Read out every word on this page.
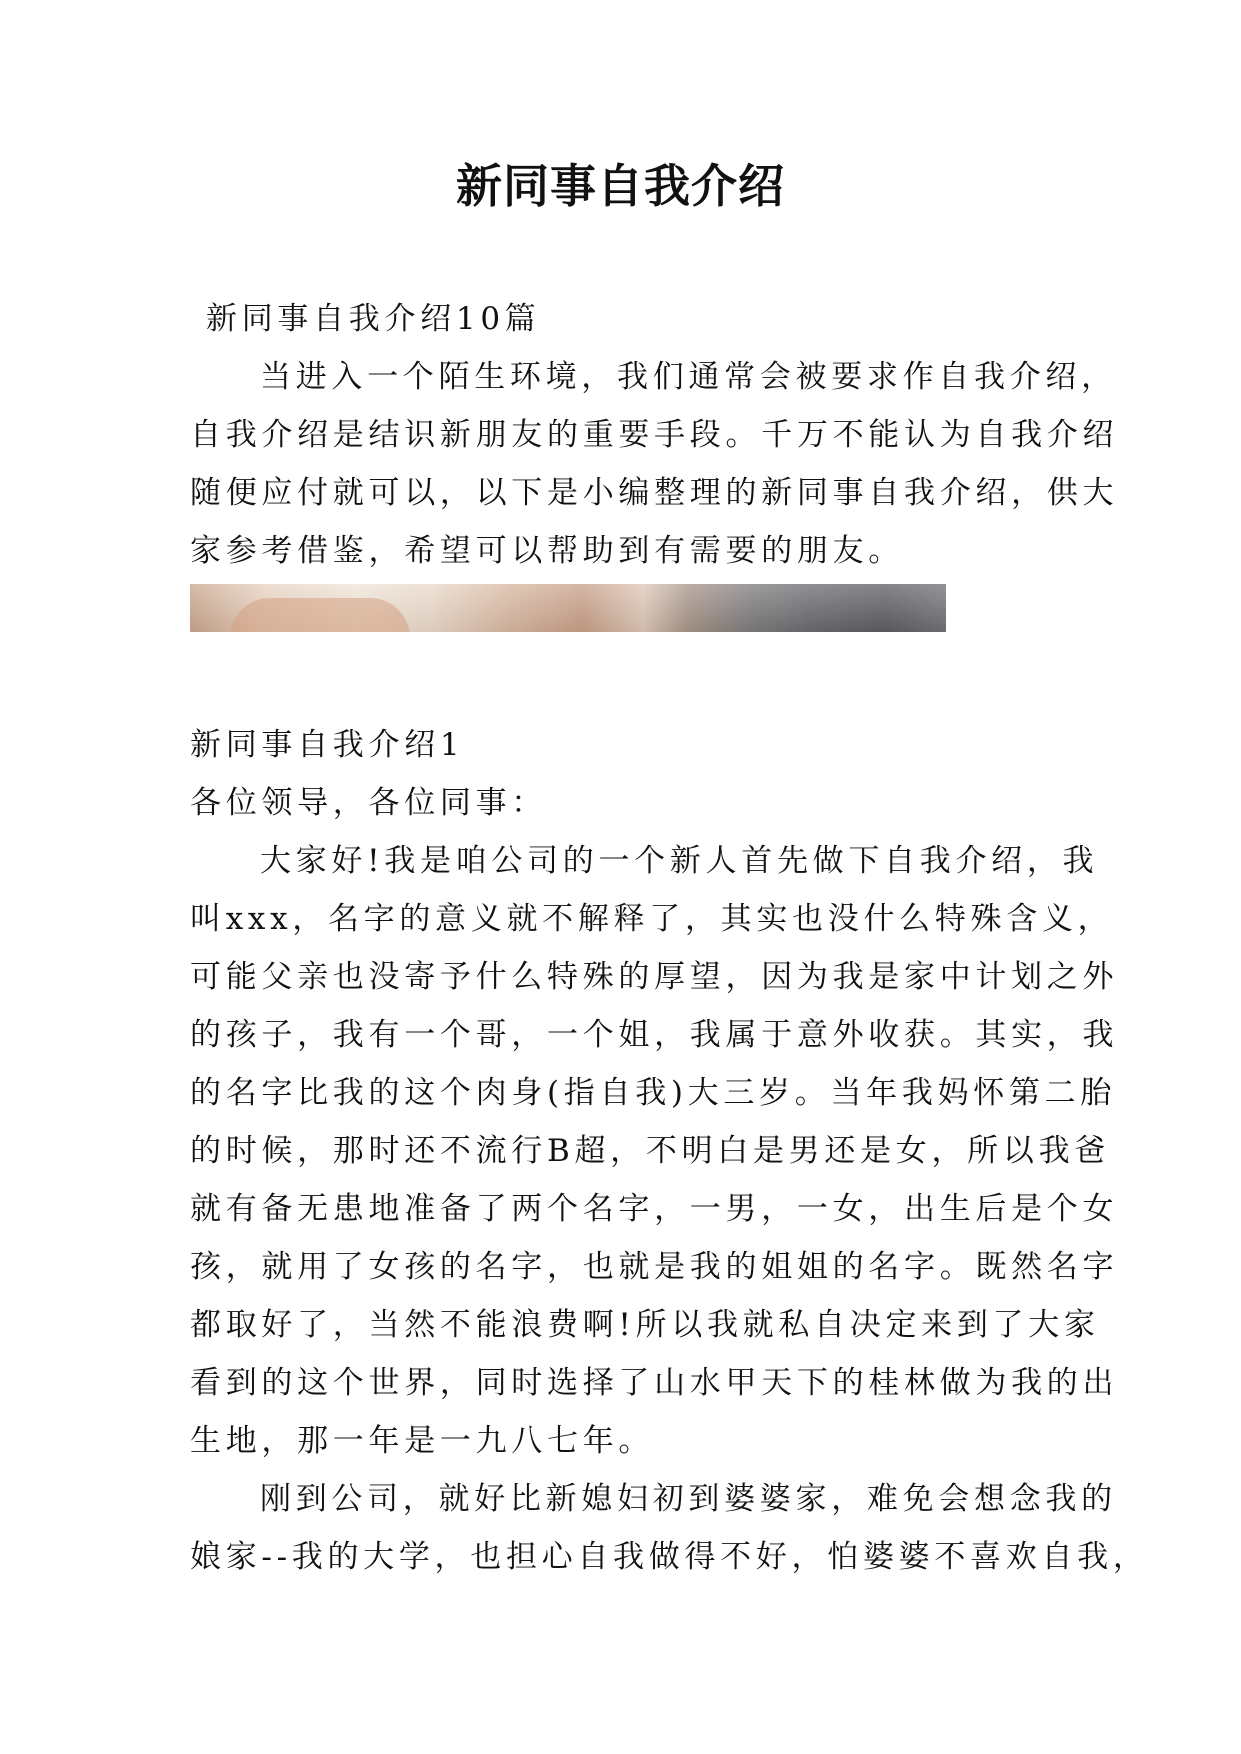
新同事自我介绍
新同事自我介绍10篇
当进入一个陌生环境，我们通常会被要求作自我介绍，
自我介绍是结识新朋友的重要手段。千万不能认为自我介绍
随便应付就可以，以下是小编整理的新同事自我介绍，供大
家参考借鉴，希望可以帮助到有需要的朋友。
新同事自我介绍1
各位领导，各位同事：
大家好!我是咱公司的一个新人首先做下自我介绍，我
叫xxx，名字的意义就不解释了，其实也没什么特殊含义，
可能父亲也没寄予什么特殊的厚望，因为我是家中计划之外
的孩子，我有一个哥，一个姐，我属于意外收获。其实，我
的名字比我的这个肉身(指自我)大三岁。当年我妈怀第二胎
的时候，那时还不流行B超，不明白是男还是女，所以我爸
就有备无患地准备了两个名字，一男，一女，出生后是个女
孩，就用了女孩的名字，也就是我的姐姐的名字。既然名字
都取好了，当然不能浪费啊!所以我就私自决定来到了大家
看到的这个世界，同时选择了山水甲天下的桂林做为我的出
生地，那一年是一九八七年。
刚到公司，就好比新媳妇初到婆婆家，难免会想念我的
娘家--我的大学，也担心自我做得不好，怕婆婆不喜欢自我，
